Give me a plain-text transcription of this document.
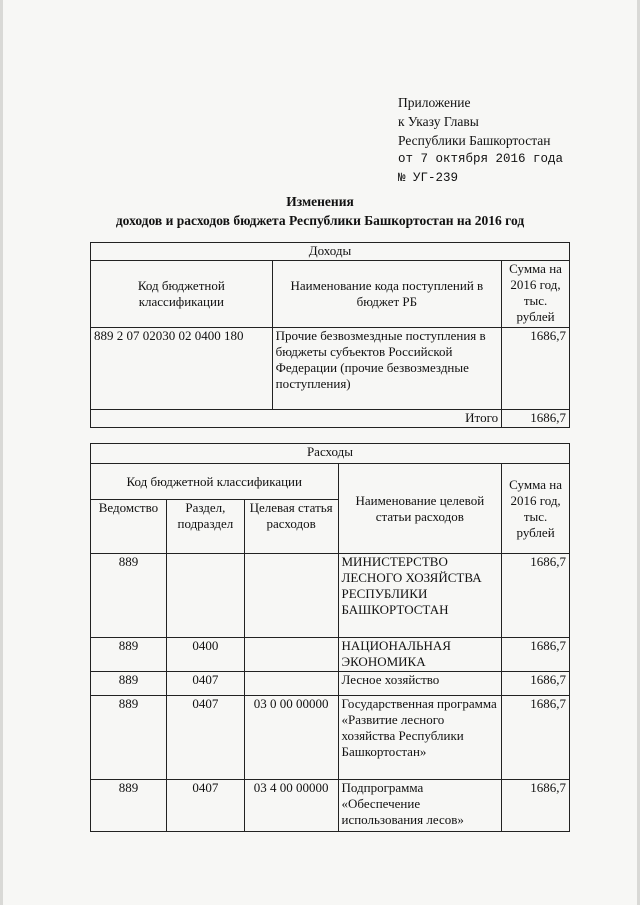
Приложение
к Указу Главы
Республики Башкортостан
от 7 октября 2016 года
№ УГ-239
Изменения
доходов и расходов бюджета Республики Башкортостан на 2016 год
Доходы		
Код бюджетной классификации	Наименование кода поступлений в бюджет РБ	Сумма на 2016 год, тыс. рублей
889 2 07 02030 02 0400 180	Прочие безвозмездные поступления в бюджеты субъектов Российской Федерации (прочие безвозмездные поступления)	1686,7
Итого		1686,7
Расходы				
Код бюджетной классификации			Наименование целевой статьи расходов	Сумма на 2016 год, тыс. рублей
Ведомство	Раздел, подраздел	Целевая статья расходов		
889			МИНИСТЕРСТВО ЛЕСНОГО ХОЗЯЙСТВА РЕСПУБЛИКИ БАШКОРТОСТАН	1686,7
889	0400		НАЦИОНАЛЬНАЯ ЭКОНОМИКА	1686,7
889	0407		Лесное хозяйство	1686,7
889	0407	03 0 00 00000	Государственная программа «Развитие лесного хозяйства Республики Башкортостан»	1686,7
889	0407	03 4 00 00000	Подпрограмма «Обеспечение использования лесов»	1686,7
